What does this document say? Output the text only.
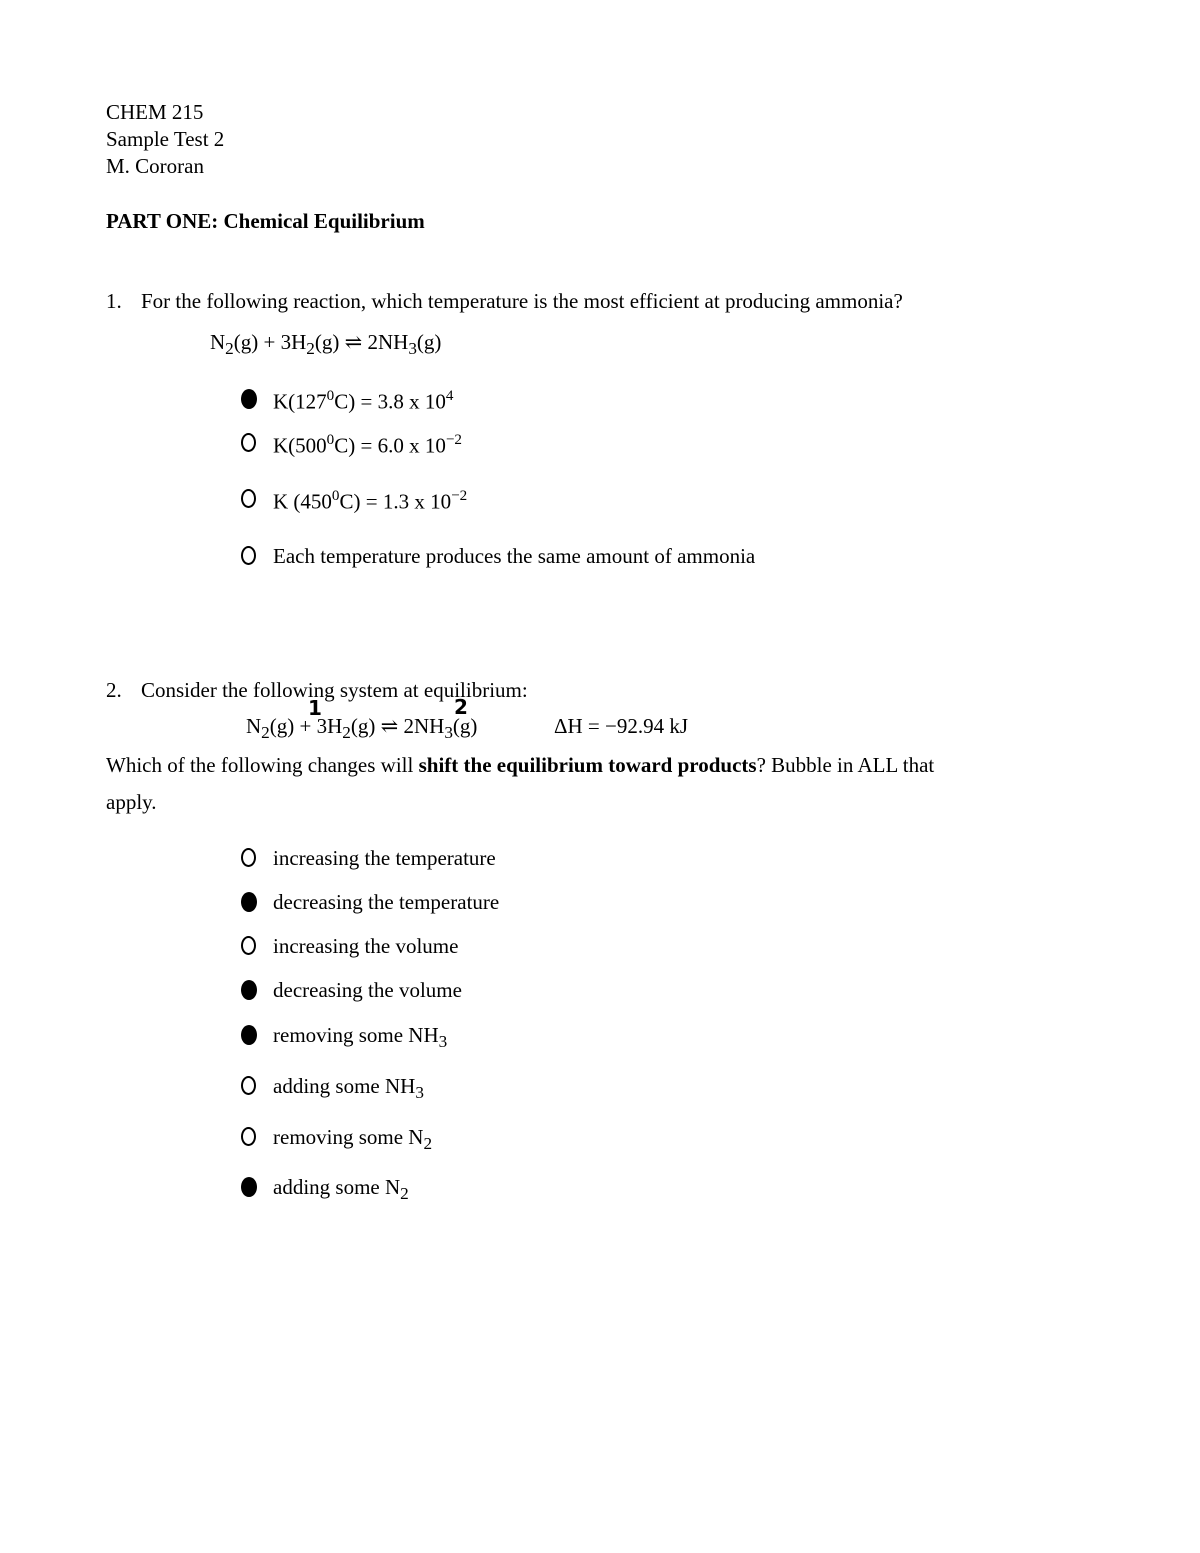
CHEM 215
Sample Test 2
M. Cororan
PART ONE: Chemical Equilibrium
1. For the following reaction, which temperature is the most efficient at producing ammonia?
$N_2(g) + 3H_2(g)$ ⇌ $2NH_3(g)$
$K(127^0C) = 3.8$ x $10^4$
$K(500^0C) = 6.0$ x $10^{-2}$
K $(450^0C) = 1.3$ x $10^{-2}$
Each temperature produces the same amount of ammonia
2. Consider the following system at equilibrium:
1	2
$N_2(g) + 3H_2(g)$ ⇌ $2NH_3(g)$	ΔH = −92.94 kJ
Which of the following changes will shift the equilibrium toward products? Bubble in ALL that
apply.
increasing the temperature
decreasing the temperature
increasing the volume
decreasing the volume
removing some $NH_3$
adding some $NH_3$
removing some $N_2$
adding some $N_2$
